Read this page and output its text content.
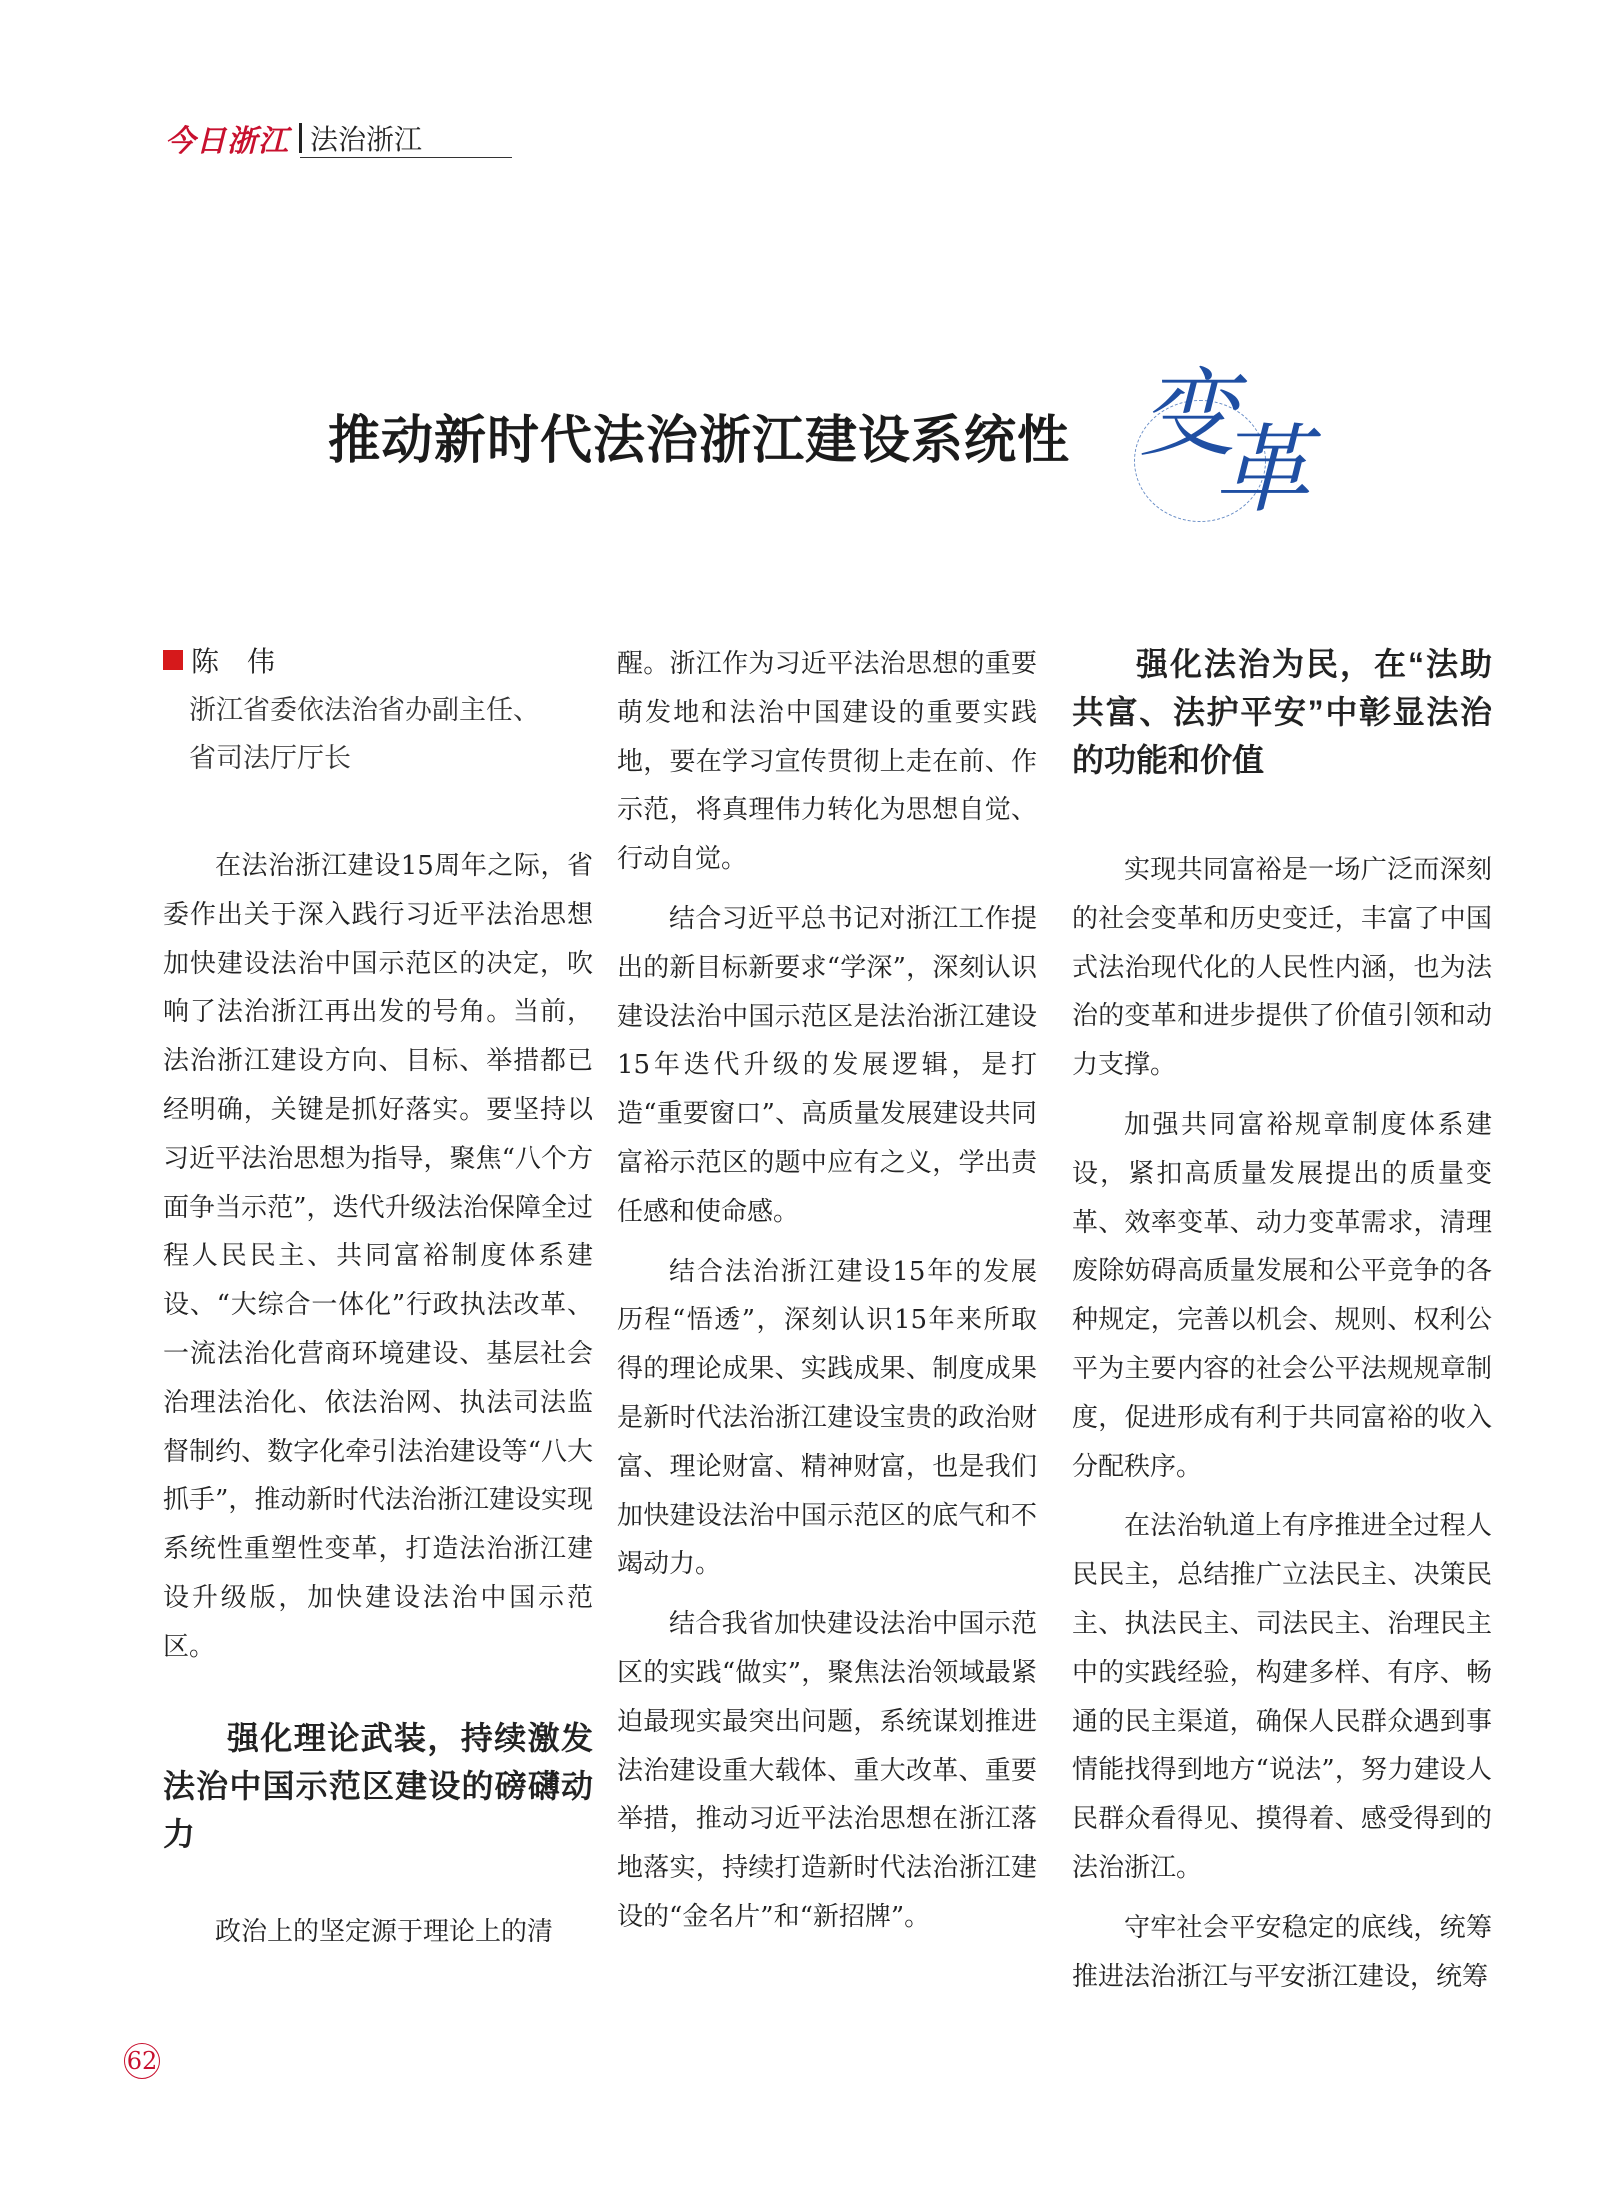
今日浙江 法治浙江
推动新时代法治浙江建设系统性 变
革
陈　伟
浙江省委依法治省办副主任、
省司法厅厅长

在法治浙江建设15周年之际，省委作出关于深入践行习近平法治思想加快建设法治中国示范区的决定，吹响了法治浙江再出发的号角。当前，法治浙江建设方向、目标、举措都已经明确，关键是抓好落实。要坚持以习近平法治思想为指导，聚焦“八个方面争当示范”，迭代升级法治保障全过程人民民主、共同富裕制度体系建设、“大综合一体化”行政执法改革、一流法治化营商环境建设、基层社会治理法治化、依法治网、执法司法监督制约、数字化牵引法治建设等“八大抓手”，推动新时代法治浙江建设实现系统性重塑性变革，打造法治浙江建设升级版，加快建设法治中国示范区。

强化理论武装，持续激发法治中国示范区建设的磅礴动力

政治上的坚定源于理论上的清

醒。浙江作为习近平法治思想的重要萌发地和法治中国建设的重要实践地，要在学习宣传贯彻上走在前、作示范，将真理伟力转化为思想自觉、行动自觉。

结合习近平总书记对浙江工作提出的新目标新要求“学深”，深刻认识建设法治中国示范区是法治浙江建设15年迭代升级的发展逻辑，是打造“重要窗口”、高质量发展建设共同富裕示范区的题中应有之义，学出责任感和使命感。

结合法治浙江建设15年的发展历程“悟透”，深刻认识15年来所取得的理论成果、实践成果、制度成果是新时代法治浙江建设宝贵的政治财富、理论财富、精神财富，也是我们加快建设法治中国示范区的底气和不竭动力。

结合我省加快建设法治中国示范区的实践“做实”，聚焦法治领域最紧迫最现实最突出问题，系统谋划推进法治建设重大载体、重大改革、重要举措，推动习近平法治思想在浙江落地落实，持续打造新时代法治浙江建设的“金名片”和“新招牌”。

强化法治为民，在“法助共富、法护平安”中彰显法治的功能和价值

实现共同富裕是一场广泛而深刻的社会变革和历史变迁，丰富了中国式法治现代化的人民性内涵，也为法治的变革和进步提供了价值引领和动力支撑。

加强共同富裕规章制度体系建设，紧扣高质量发展提出的质量变革、效率变革、动力变革需求，清理废除妨碍高质量发展和公平竞争的各种规定，完善以机会、规则、权利公平为主要内容的社会公平法规规章制度，促进形成有利于共同富裕的收入分配秩序。

在法治轨道上有序推进全过程人民民主，总结推广立法民主、决策民主、执法民主、司法民主、治理民主中的实践经验，构建多样、有序、畅通的民主渠道，确保人民群众遇到事情能找得到地方“说法”，努力建设人民群众看得见、摸得着、感受得到的法治浙江。

守牢社会平安稳定的底线，统筹推进法治浙江与平安浙江建设，统筹

62
